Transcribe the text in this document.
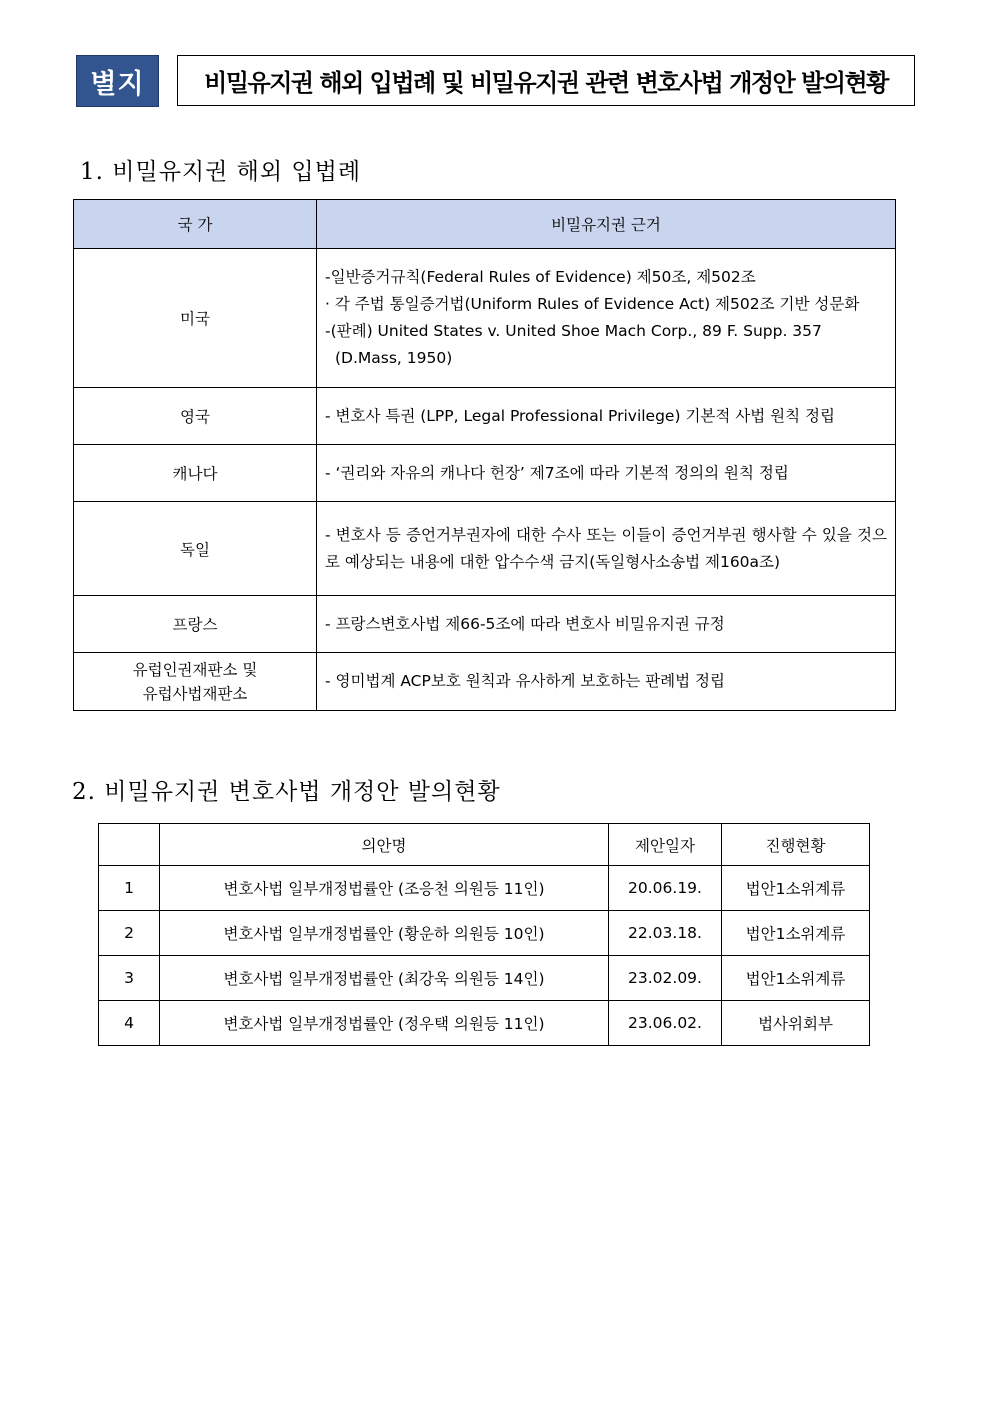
별지	비밀유지권 해외 입법례 및 비밀유지권 관련 변호사법 개정안 발의현황
1. 비밀유지권 해외 입법례
국 가	비밀유지권 근거
미국	-일반증거규칙(Federal Rules of Evidence) 제50조, 제502조
· 각 주법 통일증거법(Uniform Rules of Evidence Act) 제502조 기반 성문화
-(판례) United States v. United Shoe Mach Corp., 89 F. Supp. 357
(D.Mass, 1950)

영국	- 변호사 특권 (LPP, Legal Professional Privilege) 기본적 사법 원칙 정립
캐나다	- ‘권리와 자유의 캐나다 헌장’ 제7조에 따라 기본적 정의의 원칙 정립
독일	- 변호사 등 증언거부권자에 대한 수사 또는 이들이 증언거부권 행사할 수 있을 것으로 예상되는 내용에 대한 압수수색 금지(독일형사소송법 제160a조)
프랑스	- 프랑스변호사법 제66-5조에 따라 변호사 비밀유지권 규정

유럽인권재판소 및
유럽사법재판소	- 영미법계 ACP보호 원칙과 유사하게 보호하는 판례법 정립
2. 비밀유지권 변호사법 개정안 발의현황
	의안명	제안일자	진행현황
1	변호사법 일부개정법률안 (조응천 의원등 11인)	20.06.19.	법안1소위계류
2	변호사법 일부개정법률안 (황운하 의원등 10인)	22.03.18.	법안1소위계류
3	변호사법 일부개정법률안 (최강욱 의원등 14인)	23.02.09.	법안1소위계류
4	변호사법 일부개정법률안 (정우택 의원등 11인)	23.06.02.	법사위회부
